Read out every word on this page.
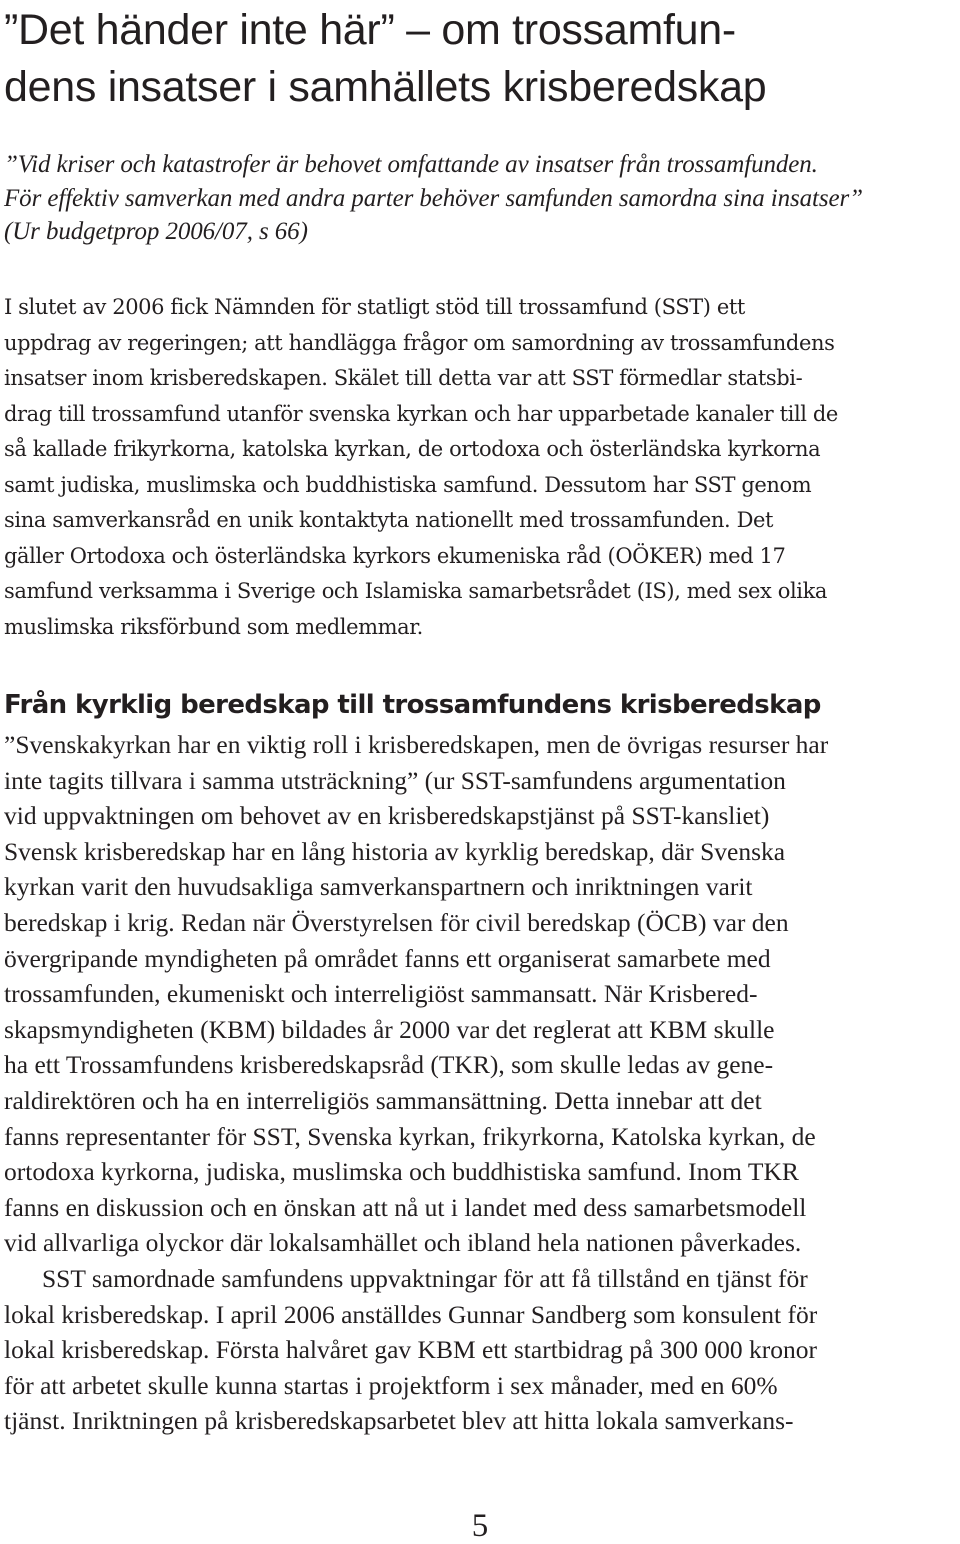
”Det händer inte här” – om trossamfun-
dens insatser i samhällets krisberedskap
”Vid kriser och katastrofer är behovet omfattande av insatser från trossamfunden.
För effektiv samverkan med andra parter behöver samfunden samordna sina insatser”
(Ur budgetprop 2006/07, s 66)
I slutet av 2006 fick Nämnden för statligt stöd till trossamfund (SST) ett
uppdrag av regeringen; att handlägga frågor om samordning av trossamfundens
insatser inom krisberedskapen. Skälet till detta var att SST förmedlar statsbi-
drag till trossamfund utanför svenska kyrkan och har upparbetade kanaler till de
så kallade frikyrkorna, katolska kyrkan, de ortodoxa och österländska kyrkorna
samt judiska, muslimska och buddhistiska samfund. Dessutom har SST genom
sina samverkansråd en unik kontaktyta nationellt med trossamfunden. Det
gäller Ortodoxa och österländska kyrkors ekumeniska råd (OÖKER) med 17
samfund verksamma i Sverige och Islamiska samarbetsrådet (IS), med sex olika
muslimska riksförbund som medlemmar.
Från kyrklig beredskap till trossamfundens krisberedskap
”Svenskakyrkan har en viktig roll i krisberedskapen, men de övrigas resurser har
inte tagits tillvara i samma utsträckning” (ur SST-samfundens argumentation
vid uppvaktningen om behovet av en krisberedskapstjänst på SST-kansliet)
Svensk krisberedskap har en lång historia av kyrklig beredskap, där Svenska
kyrkan varit den huvudsakliga samverkanspartnern och inriktningen varit
beredskap i krig. Redan när Överstyrelsen för civil beredskap (ÖCB) var den
övergripande myndigheten på området fanns ett organiserat samarbete med
trossamfunden, ekumeniskt och interreligiöst sammansatt. När Krisbered-
skapsmyndigheten (KBM) bildades år 2000 var det reglerat att KBM skulle
ha ett Trossamfundens krisberedskapsråd (TKR), som skulle ledas av gene-
raldirektören och ha en interreligiös sammansättning. Detta innebar att det
fanns representanter för SST, Svenska kyrkan, frikyrkorna, Katolska kyrkan, de
ortodoxa kyrkorna, judiska, muslimska och buddhistiska samfund. Inom TKR
fanns en diskussion och en önskan att nå ut i landet med dess samarbetsmodell
vid allvarliga olyckor där lokalsamhället och ibland hela nationen påverkades.
SST samordnade samfundens uppvaktningar för att få tillstånd en tjänst för
lokal krisberedskap. I april 2006 anställdes Gunnar Sandberg som konsulent för
lokal krisberedskap. Första halvåret gav KBM ett startbidrag på 300 000 kronor
för att arbetet skulle kunna startas i projektform i sex månader, med en 60%
tjänst. Inriktningen på krisberedskapsarbetet blev att hitta lokala samverkans-
5
